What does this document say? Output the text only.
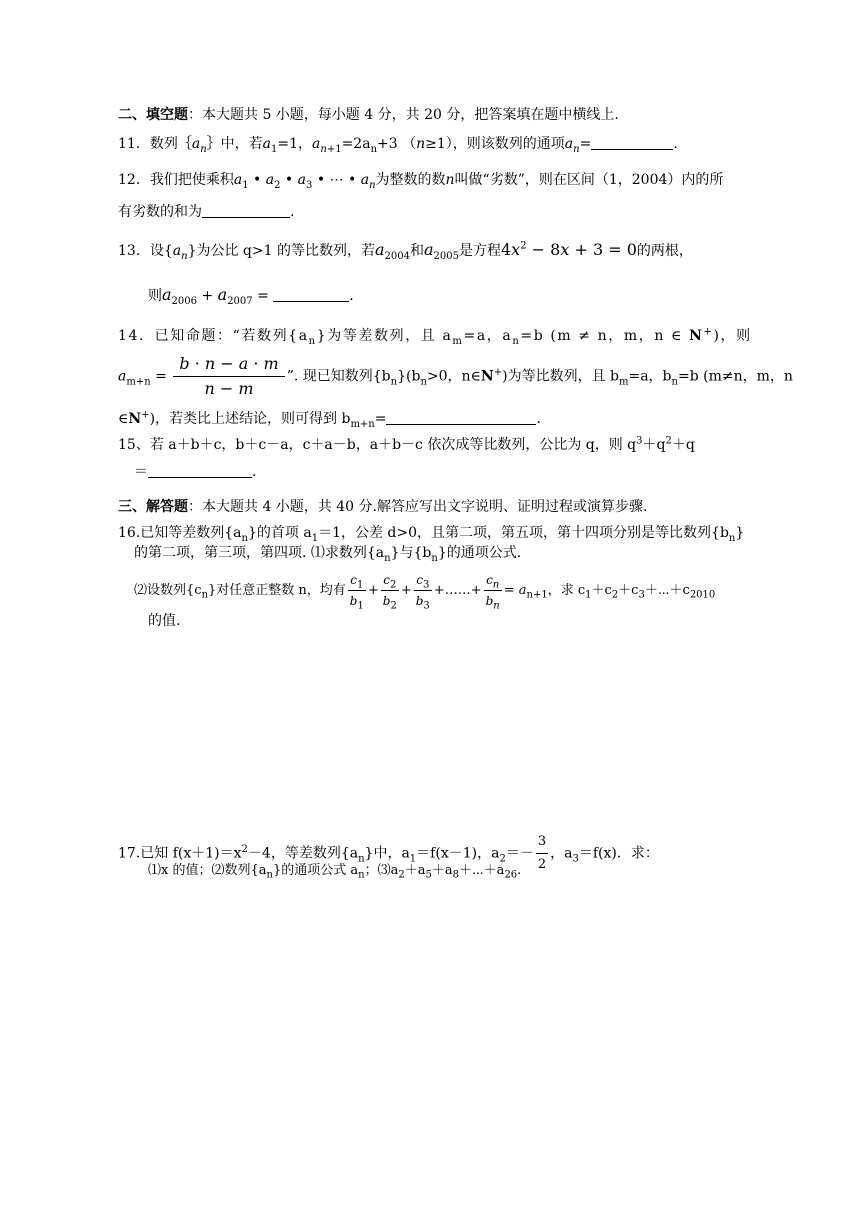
二、填空题：本大题共 5 小题，每小题 4 分，共 20 分，把答案填在题中横线上.
11．数列$\{a_n\}$中，若$a_1=1$，$a_{n+1}=2a_n+3$ （n≥1），则该数列的通项$a_n=$	.
12．我们把使乘积$a_1$ • $a_2$ • $a_3$ • ⋯ • $a_n$为整数的数n叫做“劣数”，则在区间（1，2004）内的所
有劣数的和为	.
13．设$\{a_n\}$为公比 q>1 的等比数列，若$a_{2004}$和$a_{2005}$是方程$4x^2 - 8x + 3 = 0$的两根，
则$a_{2006} + a_{2007}$ =	.
14．已知命题：“若数列$\{a_n\}$为等差数列，且 $a_m=a$，$a_n=b$ (m ≠ n，m，n ∈ N+)，则
$a_{m+n} = \frac{b \cdot n - a \cdot m}{n - m}$ ”. 现已知数列$\{b_n\}(b_n>0$，n∈N+)为等比数列，且 $b_m=a$，$b_n=b$ (m≠n，m，n
∈N+)，若类比上述结论，则可得到 $b_{m+n}=$	.
15、若 a＋b＋c，b＋c－a，c＋a－b，a＋b－c 依次成等比数列，公比为 q，则 $q^3+q^2+q$
＝	.
三、解答题：本大题共 4 小题，共 40 分.解答应写出文字说明、证明过程或演算步骤.
16.已知等差数列$\{a_n\}$的首项 $a_1=1$，公差 d>0，且第二项，第五项，第十四项分别是等比数列$\{b_n\}$
的第二项，第三项，第四项. ⑴求数列$\{a_n\}$与$\{b_n\}$的通项公式.
⑵设数列$\{c_n\}$对任意正整数 n，均有 $\frac{c_1}{b_1} + \frac{c_2}{b_2} + \frac{c_3}{b_3}$ +……+ $\frac{c_n}{b_n} = a_{n+1}$，求 $c_1+c_2+c_3+\cdots+c_{2010}$
的值.
17.已知 $f(x+1)=x^2-4$，等差数列$\{a_n\}$中，$a_1=f(x-1)$，$a_2=- \frac{3}{2}$ ，$a_3=f(x)$．求：
⑴x 的值；⑵数列$\{a_n\}$的通项公式 $a_n$；$⑶a_2+a_5+a_8+\cdots+a_{26}$.
